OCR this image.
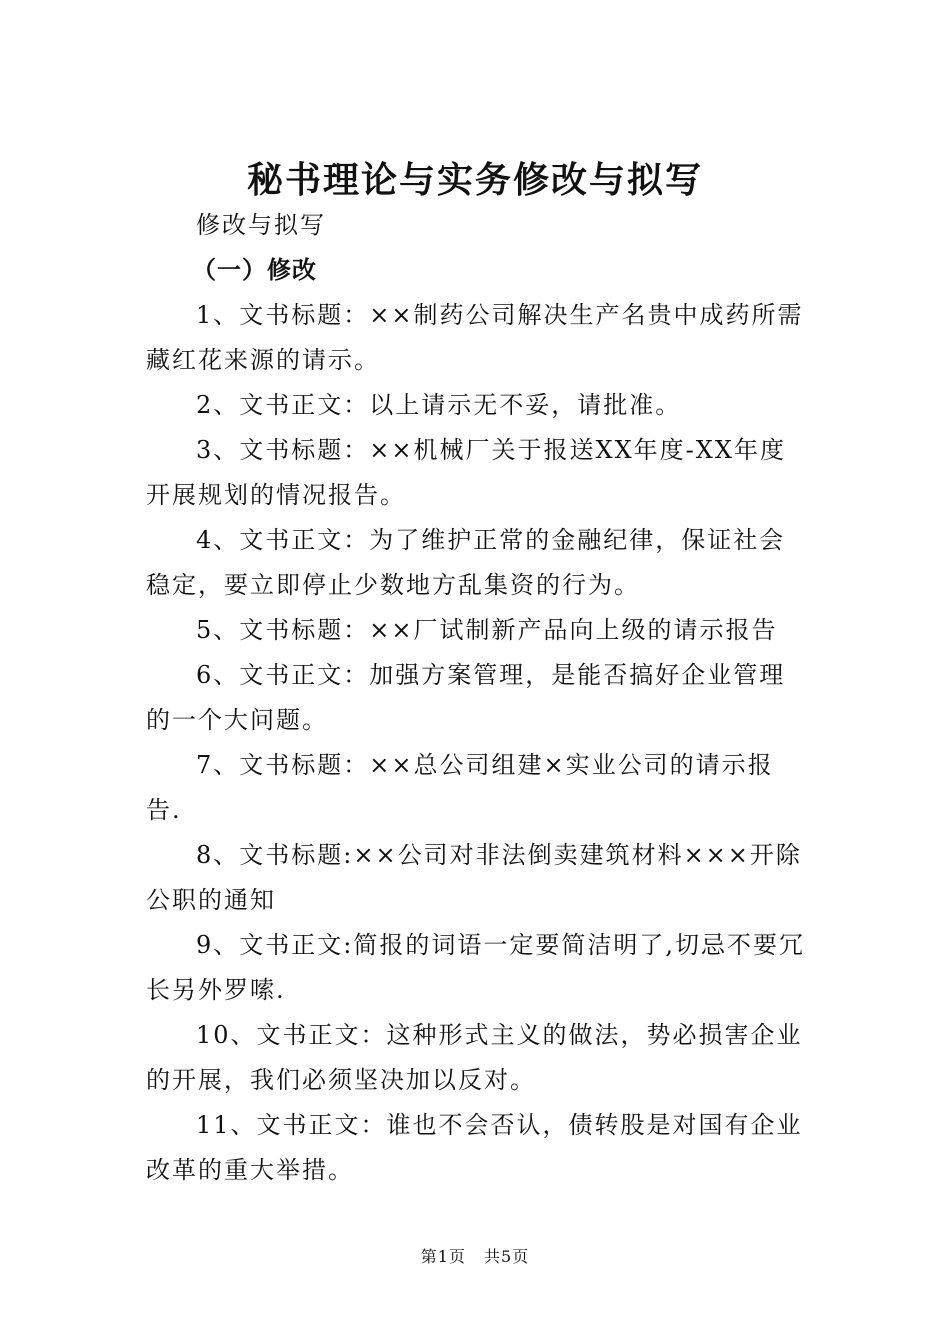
秘书理论与实务修改与拟写

修改与拟写

（一）修改

1、文书标题：××制药公司解决生产名贵中成药所需藏红花来源的请示。

2、文书正文：以上请示无不妥，请批准。

3、文书标题：××机械厂关于报送XX年度-XX年度开展规划的情况报告。

4、文书正文：为了维护正常的金融纪律，保证社会稳定，要立即停止少数地方乱集资的行为。

5、文书标题：××厂试制新产品向上级的请示报告

6、文书正文：加强方案管理，是能否搞好企业管理的一个大问题。

7、文书标题：××总公司组建×实业公司的请示报告.

8、文书标题:××公司对非法倒卖建筑材料×××开除公职的通知

9、文书正文:简报的词语一定要简洁明了,切忌不要冗长另外罗嗦.

10、文书正文：这种形式主义的做法，势必损害企业的开展，我们必须坚决加以反对。

11、文书正文：谁也不会否认，债转股是对国有企业改革的重大举措。

第1页 共5页
